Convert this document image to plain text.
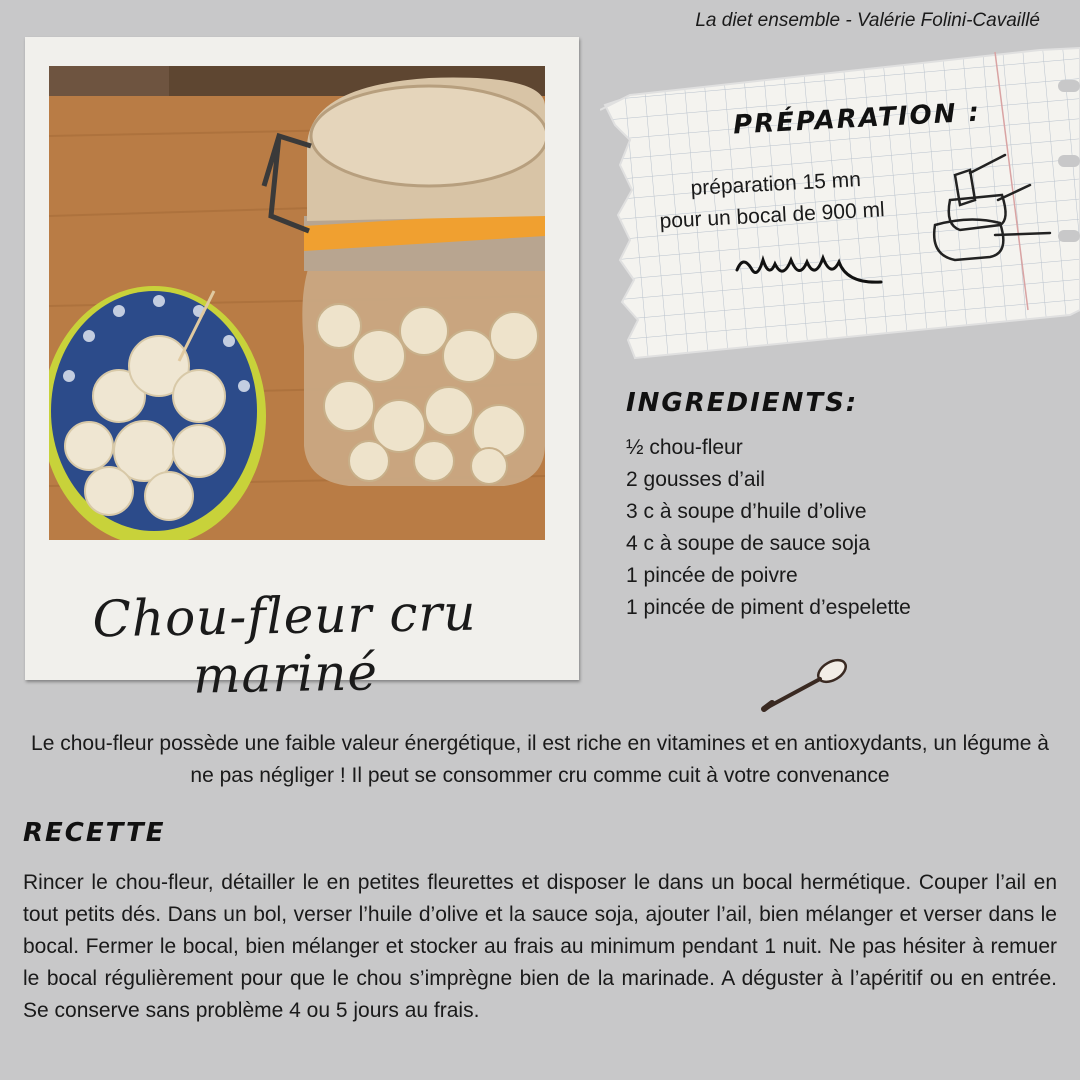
La diet ensemble - Valérie Folini-Cavaillé
Chou-fleur cru mariné
PRÉPARATION :
préparation 15 mn
pour un bocal de 900 ml
INGREDIENTS:
½ chou-fleur
2 gousses d’ail
3 c à soupe d’huile d’olive
4 c à soupe de sauce soja
1 pincée de poivre
1 pincée de piment d’espelette
Le chou-fleur possède une faible valeur énergétique, il est riche en vitamines et en antioxydants, un légume à ne pas négliger ! Il peut se consommer cru comme cuit à votre convenance
RECETTE
Rincer le chou-fleur, détailler le en petites fleurettes et disposer le dans un bocal hermétique. Couper l’ail en tout petits dés. Dans un bol, verser l’huile d’olive et la sauce soja, ajouter l’ail, bien mélanger et verser dans le bocal. Fermer le bocal, bien mélanger et stocker au frais au minimum pendant 1 nuit. Ne pas hésiter à remuer le bocal régulièrement pour que le chou s’imprègne bien de la marinade. A déguster à l’apéritif ou en entrée. Se conserve sans problème 4 ou 5 jours au frais.
